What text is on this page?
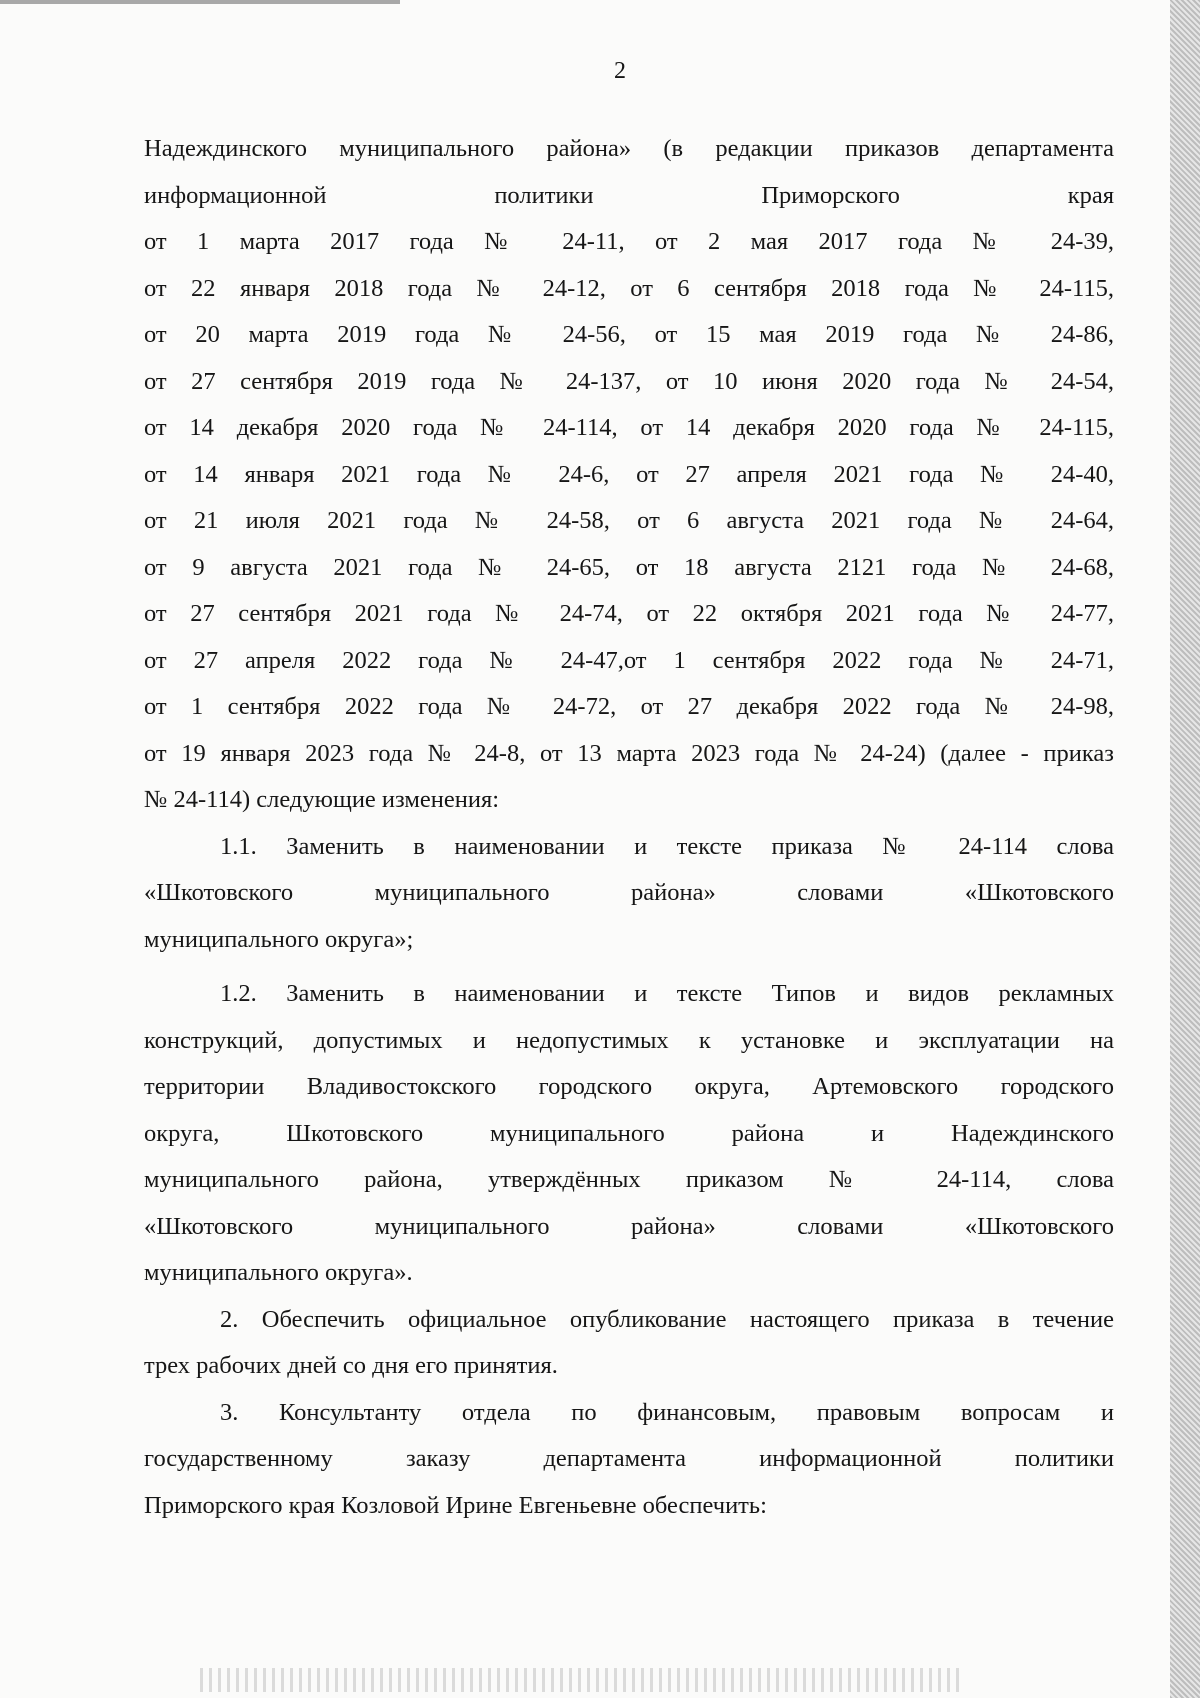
2
Надеждинского муниципального района» (в редакции приказов департамента
информационной политики Приморского края
от 1 марта 2017 года № 24-11, от 2 мая 2017 года № 24-39,
от 22 января 2018 года № 24-12, от 6 сентября 2018 года № 24-115,
от 20 марта 2019 года № 24-56, от 15 мая 2019 года № 24-86,
от 27 сентября 2019 года № 24-137, от 10 июня 2020 года № 24-54,
от 14 декабря 2020 года № 24-114, от 14 декабря 2020 года № 24-115,
от 14 января 2021 года № 24-6, от 27 апреля 2021 года № 24-40,
от 21 июля 2021 года № 24-58, от 6 августа 2021 года № 24-64,
от 9 августа 2021 года № 24-65, от 18 августа 2121 года № 24-68,
от 27 сентября 2021 года № 24-74, от 22 октября 2021 года № 24-77,
от 27 апреля 2022 года № 24-47,от 1 сентября 2022 года № 24-71,
от 1 сентября 2022 года № 24-72, от 27 декабря 2022 года № 24-98,
от 19 января 2023 года № 24-8, от 13 марта 2023 года № 24-24) (далее - приказ
№ 24-114) следующие изменения:
1.1. Заменить в наименовании и тексте приказа № 24-114 слова
«Шкотовского муниципального района» словами «Шкотовского
муниципального округа»;
1.2. Заменить в наименовании и тексте Типов и видов рекламных
конструкций, допустимых и недопустимых к установке и эксплуатации на
территории Владивостокского городского округа, Артемовского городского
округа, Шкотовского муниципального района и Надеждинского
муниципального района, утверждённых приказом № 24-114, слова
«Шкотовского муниципального района» словами «Шкотовского
муниципального округа».
2. Обеспечить официальное опубликование настоящего приказа в течение
трех рабочих дней со дня его принятия.
3. Консультанту отдела по финансовым, правовым вопросам и
государственному заказу департамента информационной политики
Приморского края Козловой Ирине Евгеньевне обеспечить:
